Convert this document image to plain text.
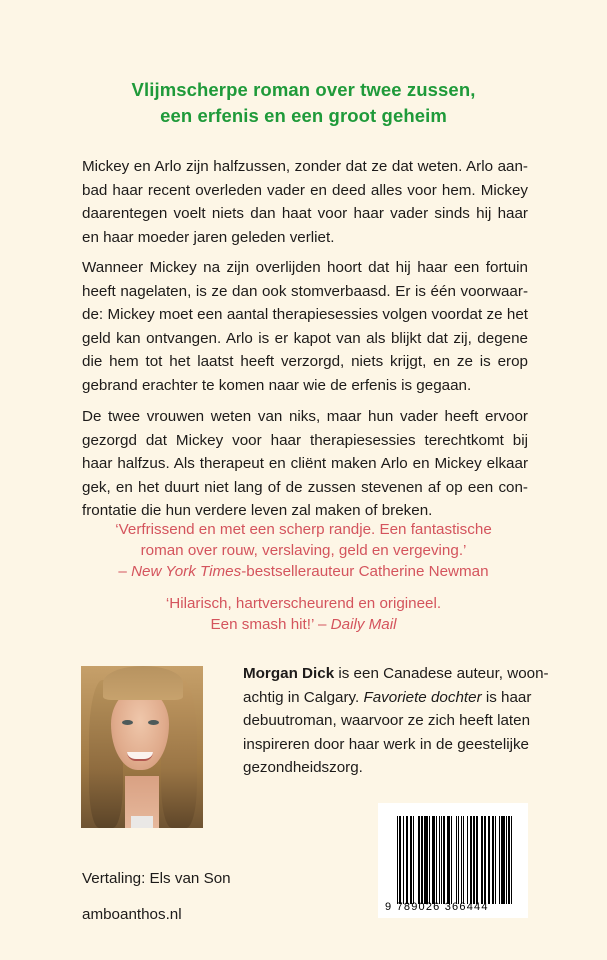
Vlijmscherpe roman over twee zussen,
een erfenis en een groot geheim

Mickey en Arlo zijn halfzussen, zonder dat ze dat weten. Arlo aan-
bad haar recent overleden vader en deed alles voor hem. Mickey
daarentegen voelt niets dan haat voor haar vader sinds hij haar
en haar moeder jaren geleden verliet.

Wanneer Mickey na zijn overlijden hoort dat hij haar een fortuin
heeft nagelaten, is ze dan ook stomverbaasd. Er is één voorwaar-
de: Mickey moet een aantal therapiesessies volgen voordat ze het
geld kan ontvangen. Arlo is er kapot van als blijkt dat zij, degene
die hem tot het laatst heeft verzorgd, niets krijgt, en ze is erop
gebrand erachter te komen naar wie de erfenis is gegaan.

De twee vrouwen weten van niks, maar hun vader heeft ervoor
gezorgd dat Mickey voor haar therapiesessies terechtkomt bij
haar halfzus. Als therapeut en cliënt maken Arlo en Mickey elkaar
gek, en het duurt niet lang of de zussen stevenen af op een con-
frontatie die hun verdere leven zal maken of breken.

‘Verfrissend en met een scherp randje. Een fantastische
roman over rouw, verslaving, geld en vergeving.’
– New York Times-bestsellerauteur Catherine Newman
‘Hilarisch, hartverscheurend en origineel.
Een smash hit!’ – Daily Mail
Morgan Dick is een Canadese auteur, woon-
achtig in Calgary. Favoriete dochter is haar
debuutroman, waarvoor ze zich heeft laten
inspireren door haar werk in de geestelijke
gezondheidszorg.
Vertaling: Els van Son
amboanthos.nl	9 789026 366444
